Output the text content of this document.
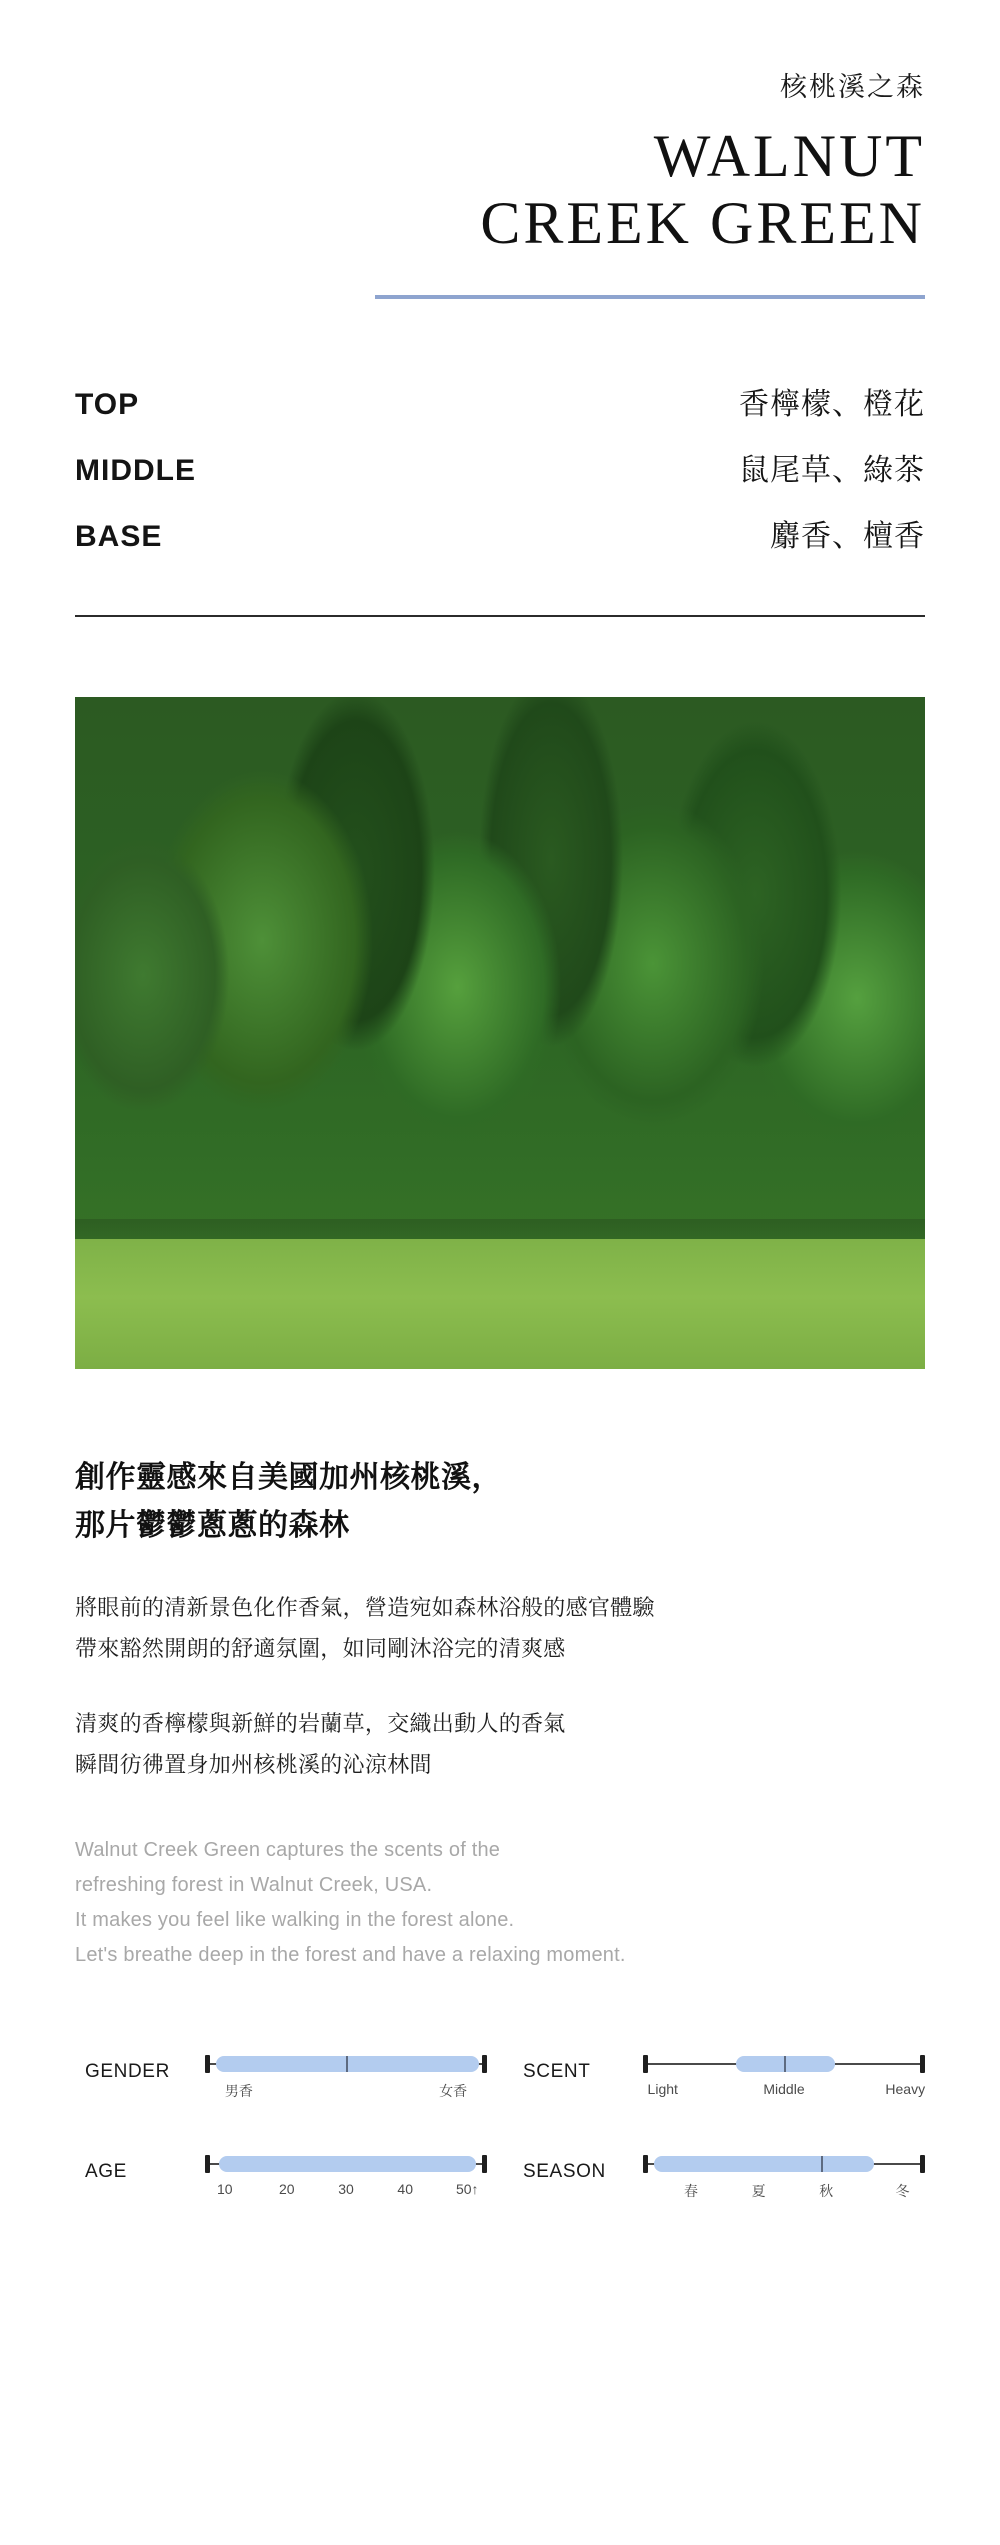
核桃溪之森
WALNUT
CREEK GREEN
TOP	香檸檬、橙花
MIDDLE	鼠尾草、綠茶
BASE	麝香、檀香
創作靈感來自美國加州核桃溪，
那片鬱鬱蔥蔥的森林
將眼前的清新景色化作香氣，營造宛如森林浴般的感官體驗
帶來豁然開朗的舒適氛圍，如同剛沐浴完的清爽感
清爽的香檸檬與新鮮的岩蘭草，交織出動人的香氣
瞬間彷彿置身加州核桃溪的沁涼林間
Walnut Creek Green captures the scents of the
refreshing forest in Walnut Creek, USA.
It makes you feel like walking in the forest alone.
Let's breathe deep in the forest and have a relaxing moment.
GENDER
男香	女香
SCENT
Light	Middle	Heavy
AGE
10	20	30	40	50↑
SEASON
春	夏	秋	冬
